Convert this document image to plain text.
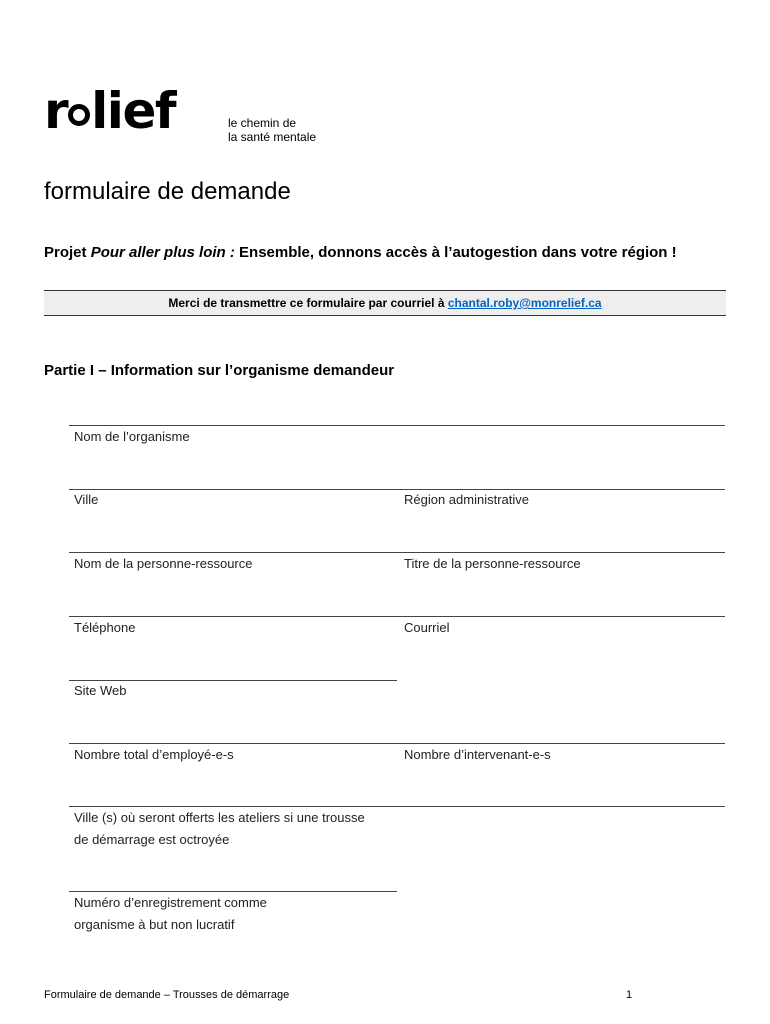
r lief	le chemin de
la santé mentale
formulaire de demande
Projet Pour aller plus loin : Ensemble, donnons accès à l’autogestion dans votre région !
Merci de transmettre ce formulaire par courriel à chantal.roby@monrelief.ca
Partie I – Information sur l’organisme demandeur
Nom de l’organisme
Ville	Région administrative
Nom de la personne-ressource	Titre de la personne-ressource
Téléphone	Courriel
Site Web
Nombre total d’employé-e-s	Nombre d’intervenant-e-s
Ville (s) où seront offerts les ateliers si une trousse
de démarrage est octroyée
Numéro d’enregistrement comme
organisme à but non lucratif
Formulaire de demande – Trousses de démarrage	1
